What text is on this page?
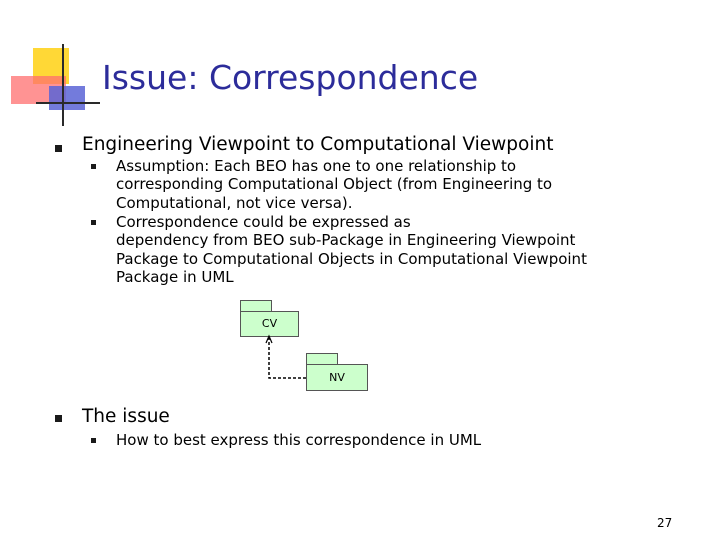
Issue: Correspondence
Engineering Viewpoint to Computational Viewpoint
Assumption: Each BEO has one to one relationship to
corresponding Computational Object (from Engineering to
Computational, not vice versa).
Correspondence could be expressed as
dependency from BEO sub-Package in Engineering Viewpoint
Package to Computational Objects in Computational Viewpoint
Package in UML
CV
NV
The issue
How to best express this correspondence in UML
27
